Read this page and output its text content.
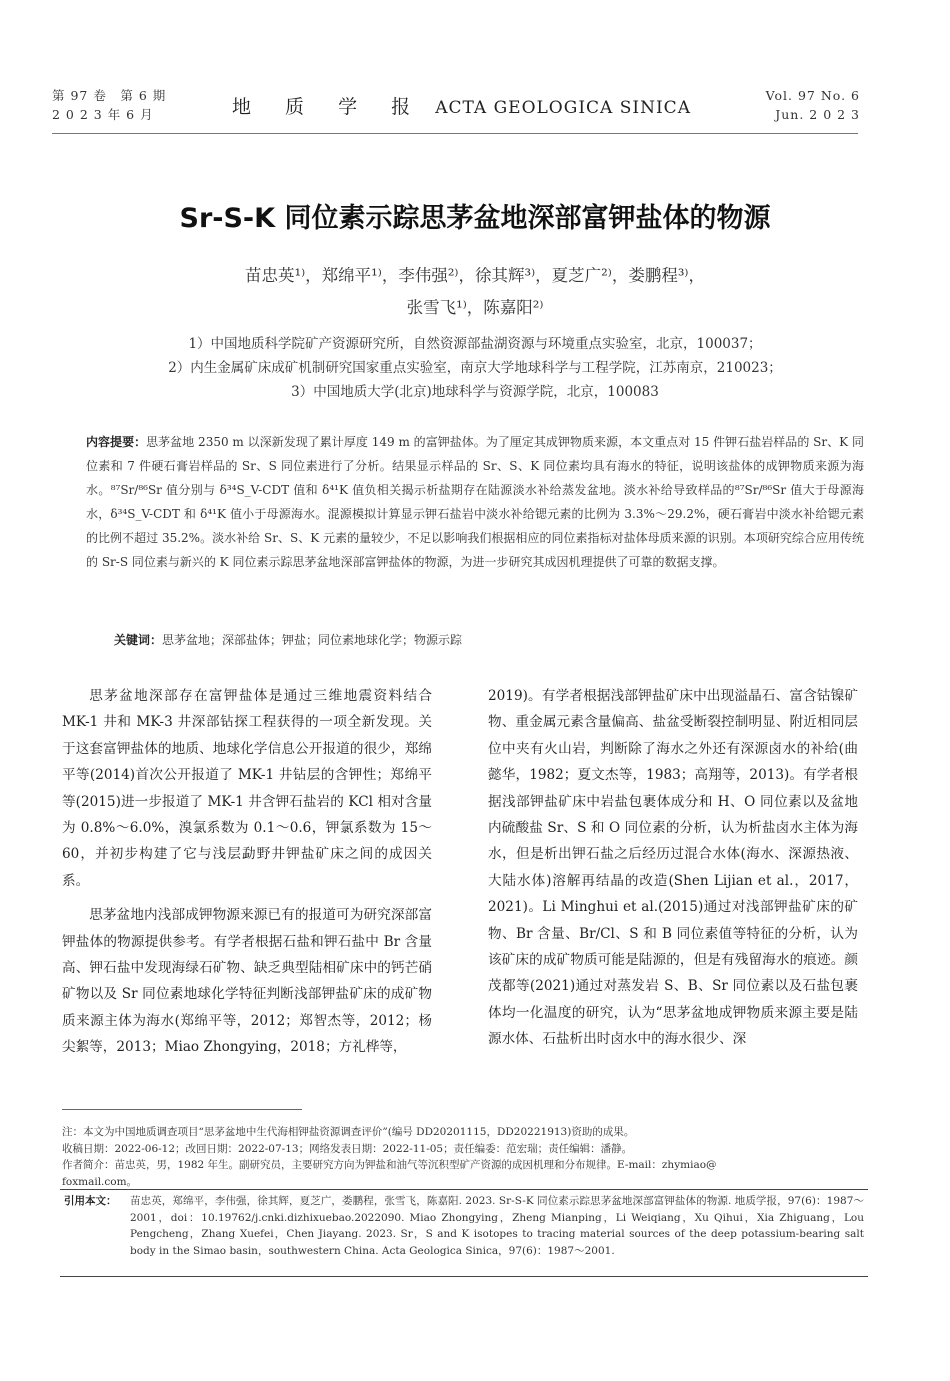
第 97 卷　第 6 期
2 0 2 3 年 6 月	地 质 学 报 ACTA GEOLOGICA SINICA
Vol. 97 No. 6
Jun. 2 0 2 3
Sr-S-K 同位素示踪思茅盆地深部富钾盐体的物源
苗忠英¹⁾，郑绵平¹⁾，李伟强²⁾，徐其辉³⁾，夏芝广²⁾，娄鹏程³⁾，
张雪飞¹⁾，陈嘉阳²⁾
1）中国地质科学院矿产资源研究所，自然资源部盐湖资源与环境重点实验室，北京，100037；
2）内生金属矿床成矿机制研究国家重点实验室，南京大学地球科学与工程学院，江苏南京，210023；
3）中国地质大学(北京)地球科学与资源学院，北京，100083
内容提要：思茅盆地 2350 m 以深新发现了累计厚度 149 m 的富钾盐体。为了厘定其成钾物质来源，本文重点对 15 件钾石盐岩样品的 Sr、K 同位素和 7 件硬石膏岩样品的 Sr、S 同位素进行了分析。结果显示样品的 Sr、S、K 同位素均具有海水的特征，说明该盐体的成钾物质来源为海水。⁸⁷Sr/⁸⁶Sr 值分别与 δ³⁴S_V-CDT 值和 δ⁴¹K 值负相关揭示析盐期存在陆源淡水补给蒸发盆地。淡水补给导致样品的⁸⁷Sr/⁸⁶Sr 值大于母源海水，δ³⁴S_V-CDT 和 δ⁴¹K 值小于母源海水。混源模拟计算显示钾石盐岩中淡水补给锶元素的比例为 3.3%～29.2%，硬石膏岩中淡水补给锶元素的比例不超过 35.2%。淡水补给 Sr、S、K 元素的量较少，不足以影响我们根据相应的同位素指标对盐体母质来源的识别。本项研究综合应用传统的 Sr-S 同位素与新兴的 K 同位素示踪思茅盆地深部富钾盐体的物源，为进一步研究其成因机理提供了可靠的数据支撑。
关键词：思茅盆地；深部盐体；钾盐；同位素地球化学；物源示踪

思茅盆地深部存在富钾盐体是通过三维地震资料结合 MK-1 井和 MK-3 井深部钻探工程获得的一项全新发现。关于这套富钾盐体的地质、地球化学信息公开报道的很少，郑绵平等(2014)首次公开报道了 MK-1 井钻层的含钾性；郑绵平等(2015)进一步报道了 MK-1 井含钾石盐岩的 KCl 相对含量为 0.8%～6.0%，溴氯系数为 0.1～0.6，钾氯系数为 15～60，并初步构建了它与浅层勐野井钾盐矿床之间的成因关系。

思茅盆地内浅部成钾物源来源已有的报道可为研究深部富钾盐体的物源提供参考。有学者根据石盐和钾石盐中 Br 含量高、钾石盐中发现海绿石矿物、缺乏典型陆相矿床中的钙芒硝矿物以及 Sr 同位素地球化学特征判断浅部钾盐矿床的成矿物质来源主体为海水(郑绵平等，2012；郑智杰等，2012；杨尖絮等，2013；Miao Zhongying，2018；方礼桦等，

2019)。有学者根据浅部钾盐矿床中出现溢晶石、富含钴镍矿物、重金属元素含量偏高、盐盆受断裂控制明显、附近相同层位中夹有火山岩，判断除了海水之外还有深源卤水的补给(曲懿华，1982；夏文杰等，1983；高翔等，2013)。有学者根据浅部钾盐矿床中岩盐包裹体成分和 H、O 同位素以及盆地内硫酸盐 Sr、S 和 O 同位素的分析，认为析盐卤水主体为海水，但是析出钾石盐之后经历过混合水体(海水、深源热液、大陆水体)溶解再结晶的改造(Shen Lijian et al.，2017，2021)。Li Minghui et al.(2015)通过对浅部钾盐矿床的矿物、Br 含量、Br/Cl、S 和 B 同位素值等特征的分析，认为该矿床的成矿物质可能是陆源的，但是有残留海水的痕迹。颜茂都等(2021)通过对蒸发岩 S、B、Sr 同位素以及石盐包裹体均一化温度的研究，认为“思茅盆地成钾物质来源主要是陆源水体、石盐析出时卤水中的海水很少、深

注：本文为中国地质调查项目“思茅盆地中生代海相钾盐资源调查评价”(编号 DD20201115，DD20221913)资助的成果。
收稿日期：2022-06-12；改回日期：2022-07-13；网络发表日期：2022-11-05；责任编委：范宏瑞；责任编辑：潘静。
作者简介：苗忠英，男，1982 年生。副研究员，主要研究方向为钾盐和油气等沉积型矿产资源的成因机理和分布规律。E-mail：zhymiao@
foxmail.com。
引用本文： 苗忠英，郑绵平，李伟强，徐其辉，夏芝广，娄鹏程，张雪飞，陈嘉阳. 2023. Sr-S-K 同位素示踪思茅盆地深部富钾盐体的物源. 地质学报，97(6)：1987～2001，doi：10.19762/j.cnki.dizhixuebao.2022090. Miao Zhongying，Zheng Mianping，Li Weiqiang，Xu Qihui，Xia Zhiguang，Lou Pengcheng，Zhang Xuefei，Chen Jiayang. 2023. Sr，S and K isotopes to tracing material sources of the deep potassium-bearing salt body in the Simao basin，southwestern China. Acta Geologica Sinica，97(6)：1987～2001.
